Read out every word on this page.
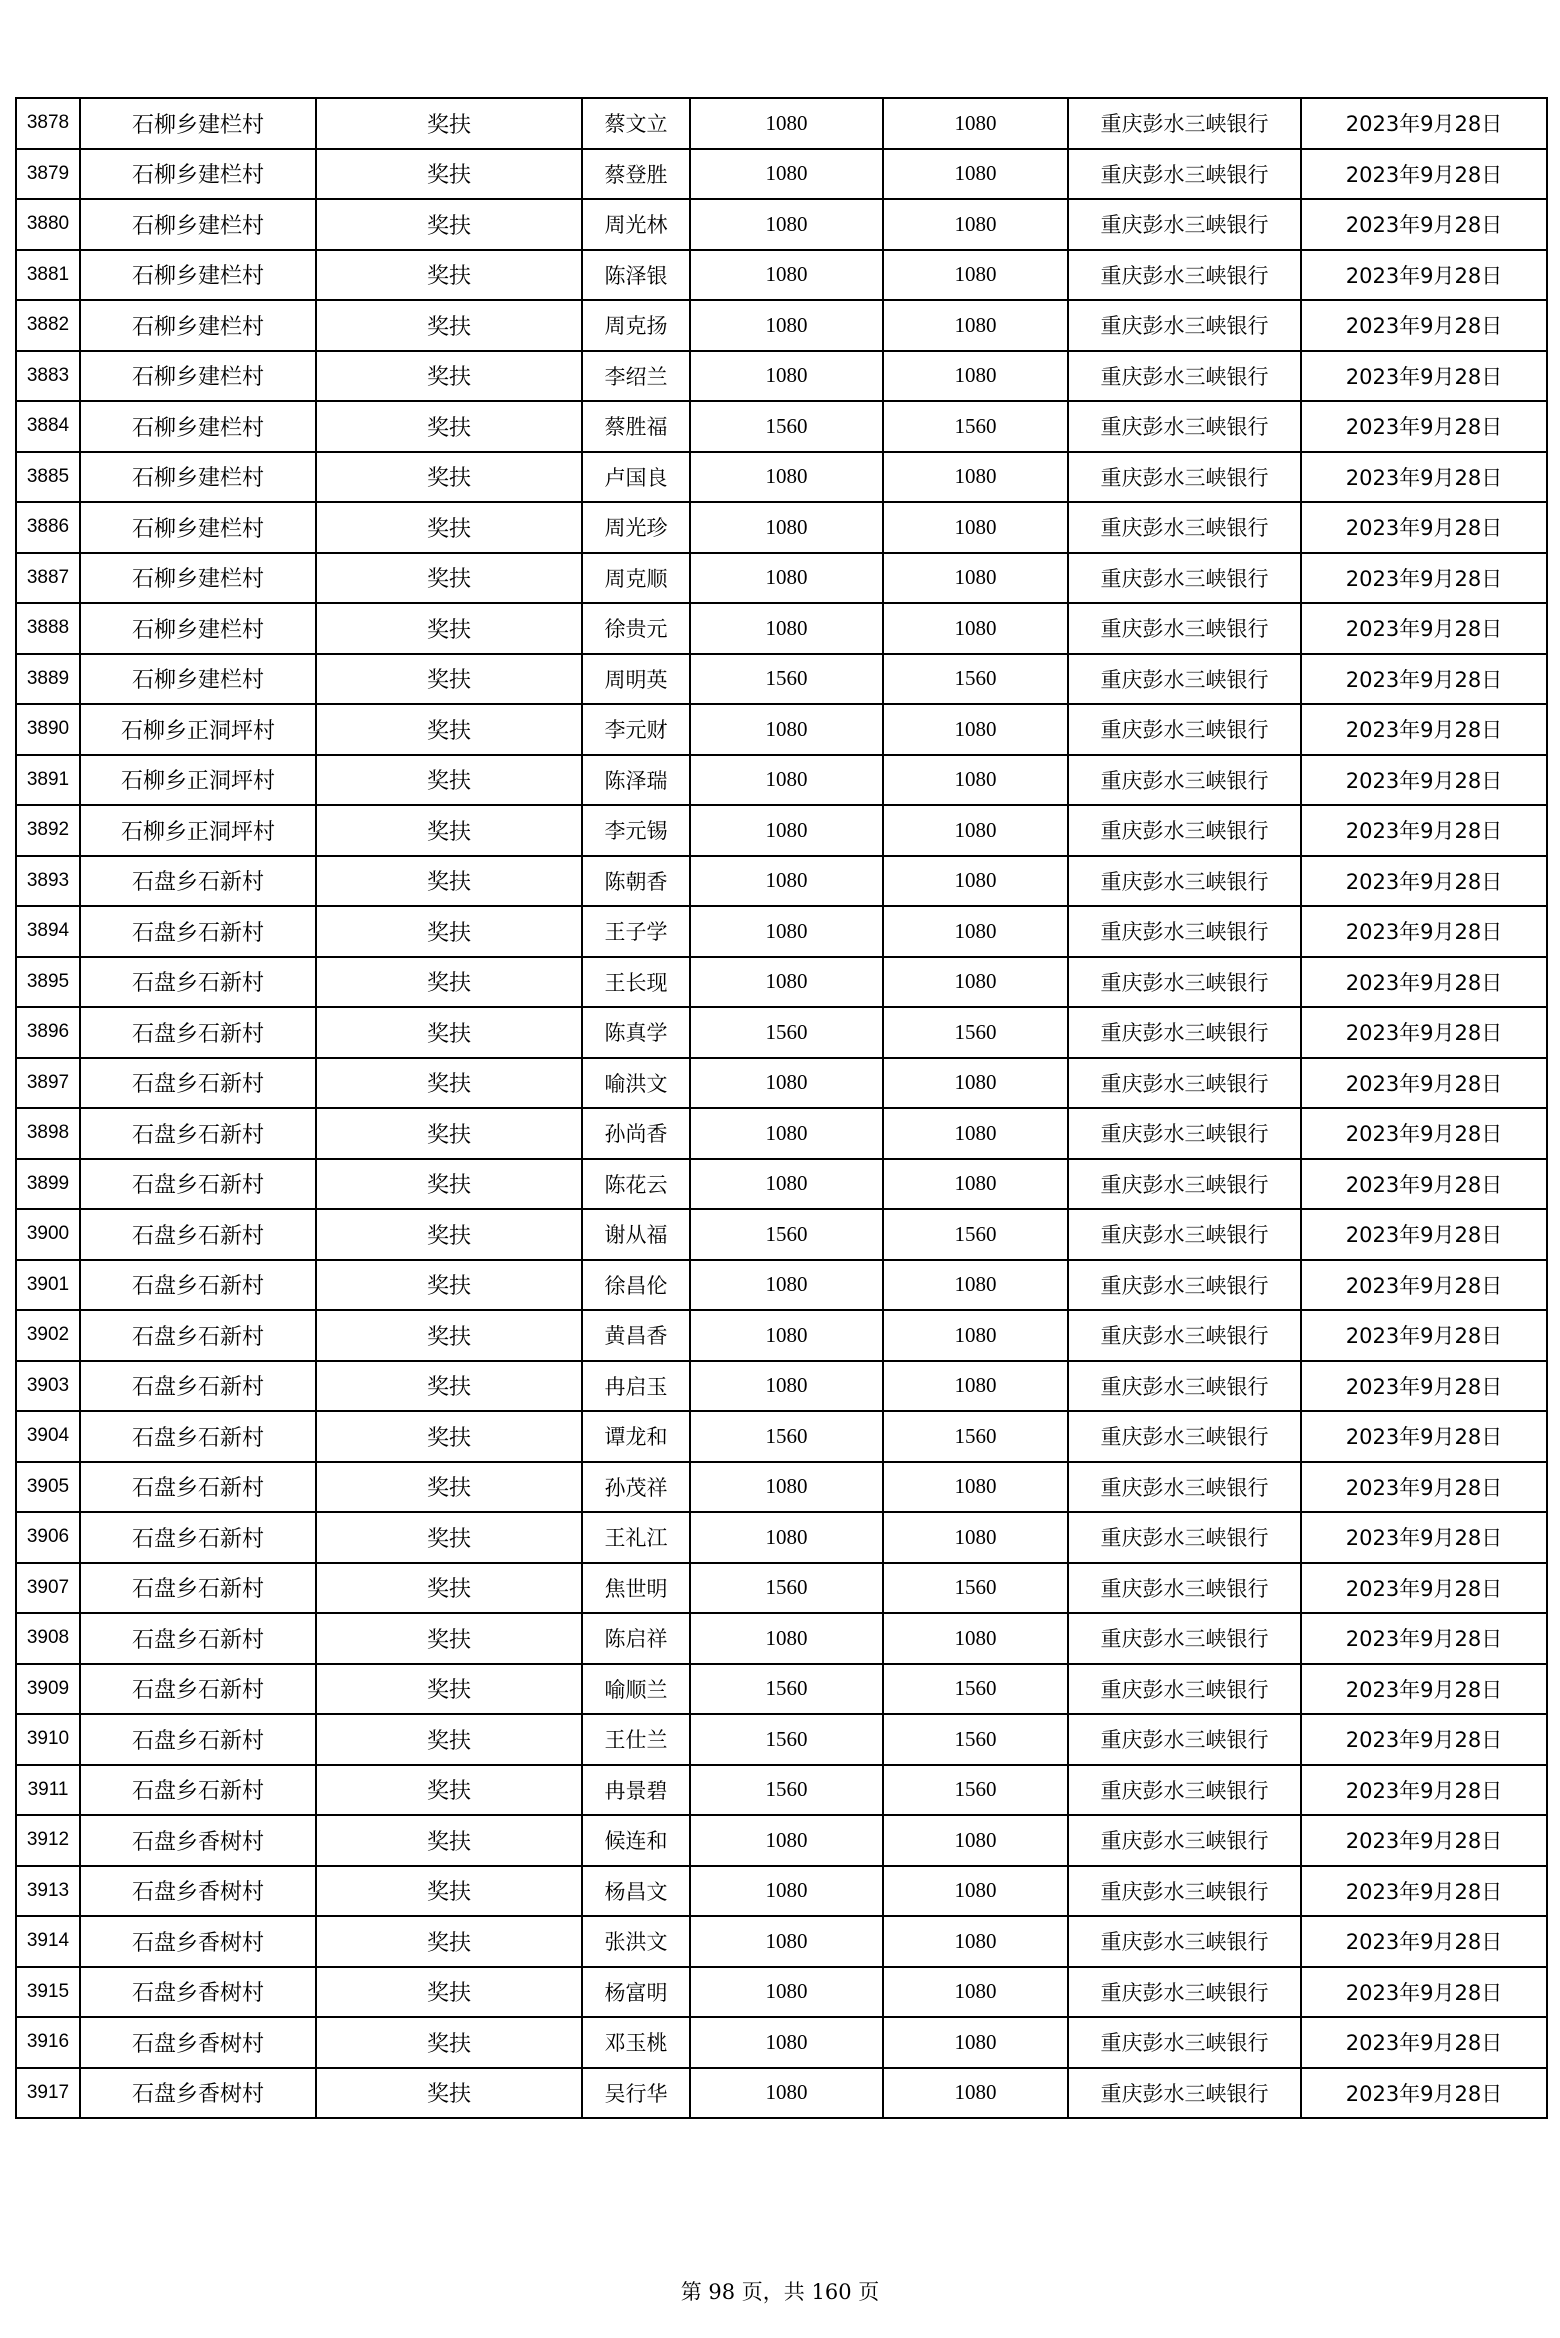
3878	石柳乡建栏村	奖扶	蔡文立	1080	1080	重庆彭水三峡银行	2023年9月28日
3879	石柳乡建栏村	奖扶	蔡登胜	1080	1080	重庆彭水三峡银行	2023年9月28日
3880	石柳乡建栏村	奖扶	周光林	1080	1080	重庆彭水三峡银行	2023年9月28日
3881	石柳乡建栏村	奖扶	陈泽银	1080	1080	重庆彭水三峡银行	2023年9月28日
3882	石柳乡建栏村	奖扶	周克扬	1080	1080	重庆彭水三峡银行	2023年9月28日
3883	石柳乡建栏村	奖扶	李绍兰	1080	1080	重庆彭水三峡银行	2023年9月28日
3884	石柳乡建栏村	奖扶	蔡胜福	1560	1560	重庆彭水三峡银行	2023年9月28日
3885	石柳乡建栏村	奖扶	卢国良	1080	1080	重庆彭水三峡银行	2023年9月28日
3886	石柳乡建栏村	奖扶	周光珍	1080	1080	重庆彭水三峡银行	2023年9月28日
3887	石柳乡建栏村	奖扶	周克顺	1080	1080	重庆彭水三峡银行	2023年9月28日
3888	石柳乡建栏村	奖扶	徐贵元	1080	1080	重庆彭水三峡银行	2023年9月28日
3889	石柳乡建栏村	奖扶	周明英	1560	1560	重庆彭水三峡银行	2023年9月28日
3890	石柳乡正洞坪村	奖扶	李元财	1080	1080	重庆彭水三峡银行	2023年9月28日
3891	石柳乡正洞坪村	奖扶	陈泽瑞	1080	1080	重庆彭水三峡银行	2023年9月28日
3892	石柳乡正洞坪村	奖扶	李元锡	1080	1080	重庆彭水三峡银行	2023年9月28日
3893	石盘乡石新村	奖扶	陈朝香	1080	1080	重庆彭水三峡银行	2023年9月28日
3894	石盘乡石新村	奖扶	王子学	1080	1080	重庆彭水三峡银行	2023年9月28日
3895	石盘乡石新村	奖扶	王长现	1080	1080	重庆彭水三峡银行	2023年9月28日
3896	石盘乡石新村	奖扶	陈真学	1560	1560	重庆彭水三峡银行	2023年9月28日
3897	石盘乡石新村	奖扶	喻洪文	1080	1080	重庆彭水三峡银行	2023年9月28日
3898	石盘乡石新村	奖扶	孙尚香	1080	1080	重庆彭水三峡银行	2023年9月28日
3899	石盘乡石新村	奖扶	陈花云	1080	1080	重庆彭水三峡银行	2023年9月28日
3900	石盘乡石新村	奖扶	谢从福	1560	1560	重庆彭水三峡银行	2023年9月28日
3901	石盘乡石新村	奖扶	徐昌伦	1080	1080	重庆彭水三峡银行	2023年9月28日
3902	石盘乡石新村	奖扶	黄昌香	1080	1080	重庆彭水三峡银行	2023年9月28日
3903	石盘乡石新村	奖扶	冉启玉	1080	1080	重庆彭水三峡银行	2023年9月28日
3904	石盘乡石新村	奖扶	谭龙和	1560	1560	重庆彭水三峡银行	2023年9月28日
3905	石盘乡石新村	奖扶	孙茂祥	1080	1080	重庆彭水三峡银行	2023年9月28日
3906	石盘乡石新村	奖扶	王礼江	1080	1080	重庆彭水三峡银行	2023年9月28日
3907	石盘乡石新村	奖扶	焦世明	1560	1560	重庆彭水三峡银行	2023年9月28日
3908	石盘乡石新村	奖扶	陈启祥	1080	1080	重庆彭水三峡银行	2023年9月28日
3909	石盘乡石新村	奖扶	喻顺兰	1560	1560	重庆彭水三峡银行	2023年9月28日
3910	石盘乡石新村	奖扶	王仕兰	1560	1560	重庆彭水三峡银行	2023年9月28日
3911	石盘乡石新村	奖扶	冉景碧	1560	1560	重庆彭水三峡银行	2023年9月28日
3912	石盘乡香树村	奖扶	候连和	1080	1080	重庆彭水三峡银行	2023年9月28日
3913	石盘乡香树村	奖扶	杨昌文	1080	1080	重庆彭水三峡银行	2023年9月28日
3914	石盘乡香树村	奖扶	张洪文	1080	1080	重庆彭水三峡银行	2023年9月28日
3915	石盘乡香树村	奖扶	杨富明	1080	1080	重庆彭水三峡银行	2023年9月28日
3916	石盘乡香树村	奖扶	邓玉桃	1080	1080	重庆彭水三峡银行	2023年9月28日
3917	石盘乡香树村	奖扶	吴行华	1080	1080	重庆彭水三峡银行	2023年9月28日
第 98 页，共 160 页
